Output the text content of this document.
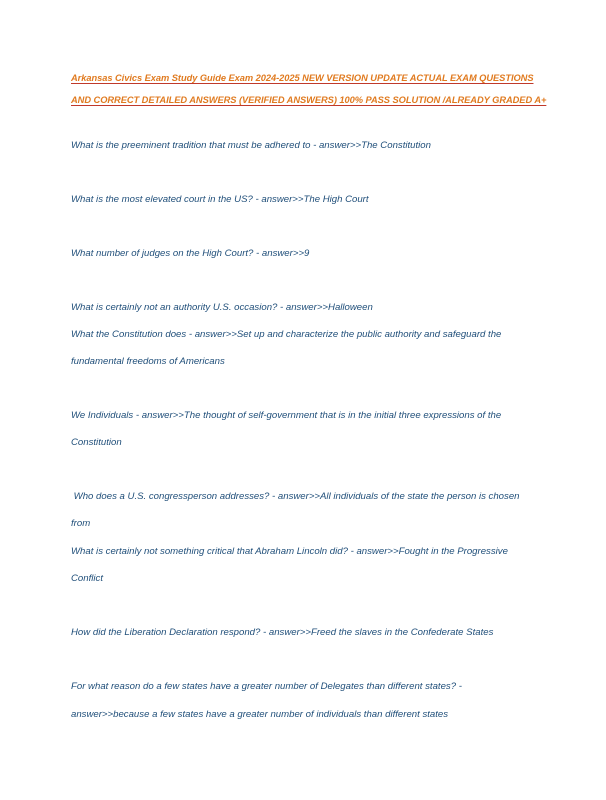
Arkansas Civics Exam Study Guide Exam 2024-2025 NEW VERSION UPDATE ACTUAL EXAM QUESTIONS

AND CORRECT DETAILED ANSWERS (VERIFIED ANSWERS) 100% PASS SOLUTION /ALREADY GRADED A+

What is the preeminent tradition that must be adhered to - answer>>The Constitution

What is the most elevated court in the US? - answer>>The High Court

What number of judges on the High Court? - answer>>9

What is certainly not an authority U.S. occasion? - answer>>Halloween

What the Constitution does - answer>>Set up and characterize the public authority and safeguard the

fundamental freedoms of Americans

We Individuals - answer>>The thought of self-government that is in the initial three expressions of the

Constitution

Who does a U.S. congressperson addresses? - answer>>All individuals of the state the person is chosen

from

What is certainly not something critical that Abraham Lincoln did? - answer>>Fought in the Progressive

Conflict

How did the Liberation Declaration respond? - answer>>Freed the slaves in the Confederate States

For what reason do a few states have a greater number of Delegates than different states? -

answer>>because a few states have a greater number of individuals than different states
